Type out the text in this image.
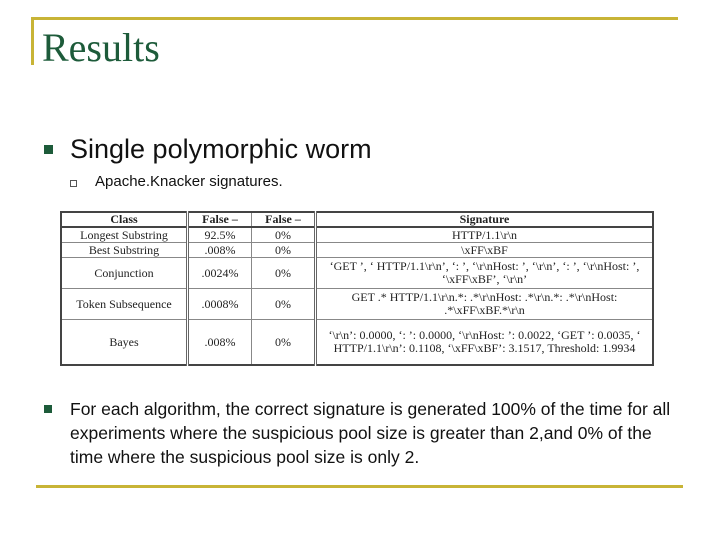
Results
Single polymorphic worm
Apache.Knacker signatures.
Class	False –	False –	Signature
Longest Substring	92.5%	0%	HTTP/1.1\r\n
Best Substring	.008%	0%	\xFF\xBF
Conjunction	.0024%	0%	‘GET ’, ‘ HTTP/1.1\r\n’, ‘: ’, ‘\r\nHost: ’, ‘\r\n’, ‘: ’, ‘\r\nHost: ’, ‘\xFF\xBF’, ‘\r\n’
Token Subsequence	.0008%	0%	GET .* HTTP/1.1\r\n.*: .*\r\nHost: .*\r\n.*: .*\r\nHost: .*\xFF\xBF.*\r\n
Bayes	.008%	0%	‘\r\n’: 0.0000, ‘: ’: 0.0000, ‘\r\nHost: ’: 0.0022, ‘GET ’: 0.0035, ‘ HTTP/1.1\r\n’: 0.1108, ‘\xFF\xBF’: 3.1517, Threshold: 1.9934
For each algorithm, the correct signature is generated 100% of the time for all experiments where the suspicious pool size is greater than 2,and 0% of the time where the suspicious pool size is only 2.
